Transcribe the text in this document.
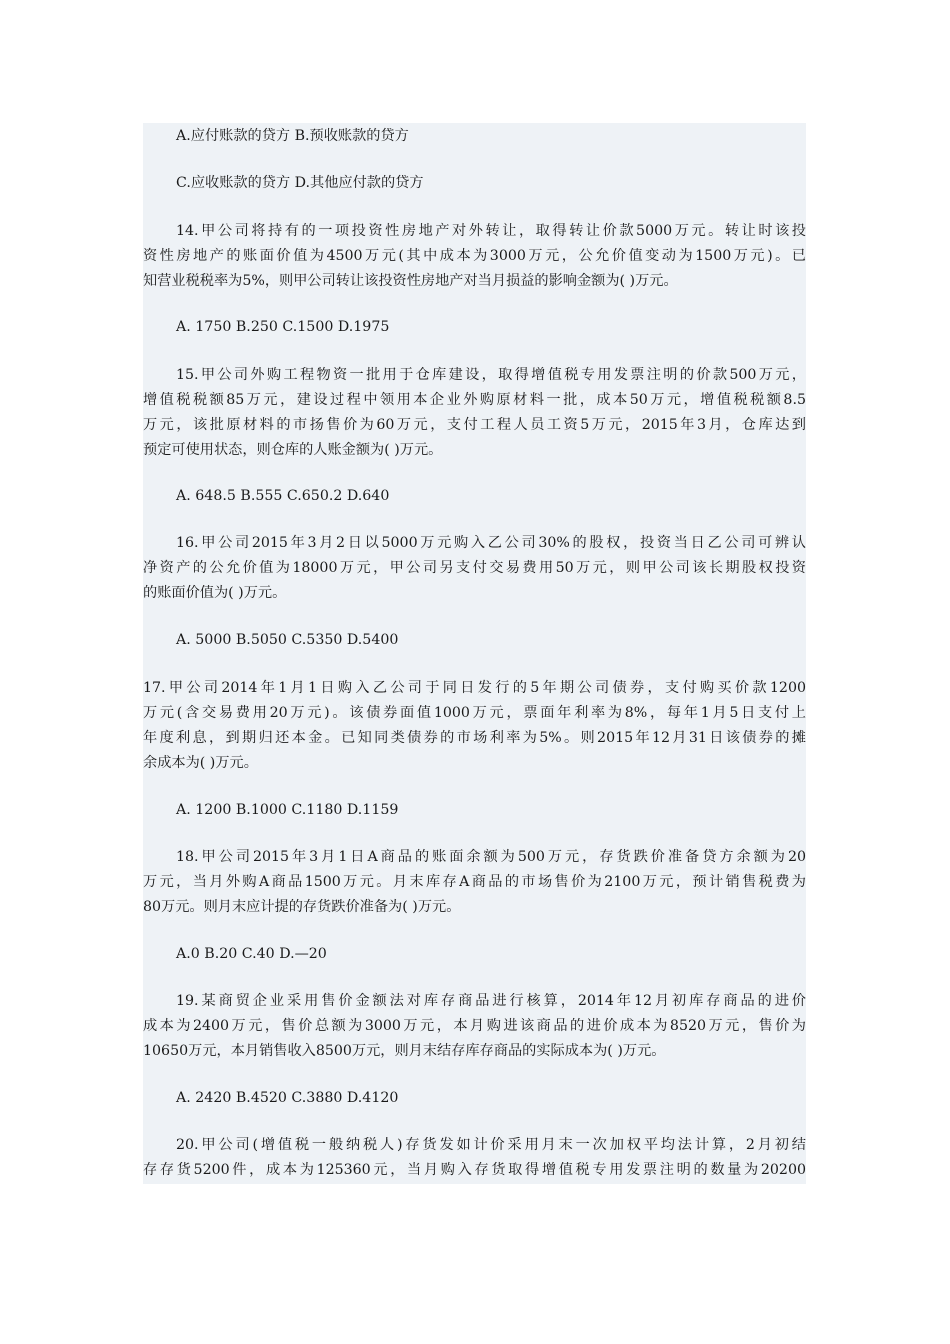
A.应付账款的贷方 B.预收账款的贷方
C.应收账款的贷方 D.其他应付款的贷方
14.甲公司将持有的一项投资性房地产对外转让，取得转让价款5000万元。转让时该投
资性房地产的账面价值为4500万元(其中成本为3000万元，公允价值变动为1500万元)。已
知营业税税率为5%，则甲公司转让该投资性房地产对当月损益的影响金额为( )万元。
A. 1750 B.250 C.1500 D.1975
15.甲公司外购工程物资一批用于仓库建设，取得增值税专用发票注明的价款500万元，
增值税税额85万元，建设过程中领用本企业外购原材料一批，成本50万元，增值税税额8.5
万元，该批原材料的市扬售价为60万元，支付工程人员工资5万元，2015年3月，仓库达到
预定可使用状态，则仓库的人账金额为( )万元。
A. 648.5 B.555 C.650.2 D.640
16.甲公司2015年3月2日以5000万元购入乙公司30%的股权，投资当日乙公司可辨认
净资产的公允价值为18000万元，甲公司另支付交易费用50万元，则甲公司该长期股权投资
的账面价值为( )万元。
A. 5000 B.5050 C.5350 D.5400
17.甲公司2014年1月1日购入乙公司于同日发行的5年期公司债券，支付购买价款1200
万元(含交易费用20万元)。该债券面值1000万元，票面年利率为8%，每年1月5日支付上
年度利息，到期归还本金。已知同类债券的市场利率为5%。则2015年12月31日该债券的摊
余成本为( )万元。
A. 1200 B.1000 C.1180 D.1159
18.甲公司2015年3月1日A商品的账面余额为500万元，存货跌价准备贷方余额为20
万元，当月外购A商品1500万元。月末库存A商品的市场售价为2100万元，预计销售税费为
80万元。则月末应计提的存货跌价准备为( )万元。
A.0 B.20 C.40 D.—20
19.某商贸企业采用售价金额法对库存商品进行核算，2014年12月初库存商品的进价
成本为2400万元，售价总额为3000万元，本月购进该商品的进价成本为8520万元，售价为
10650万元，本月销售收入8500万元，则月末结存库存商品的实际成本为( )万元。
A. 2420 B.4520 C.3880 D.4120
20.甲公司(增值税一般纳税人)存货发如计价采用月末一次加权平均法计算，2月初结
存存货5200件，成本为125360元，当月购入存货取得增值税专用发票注明的数量为20200
